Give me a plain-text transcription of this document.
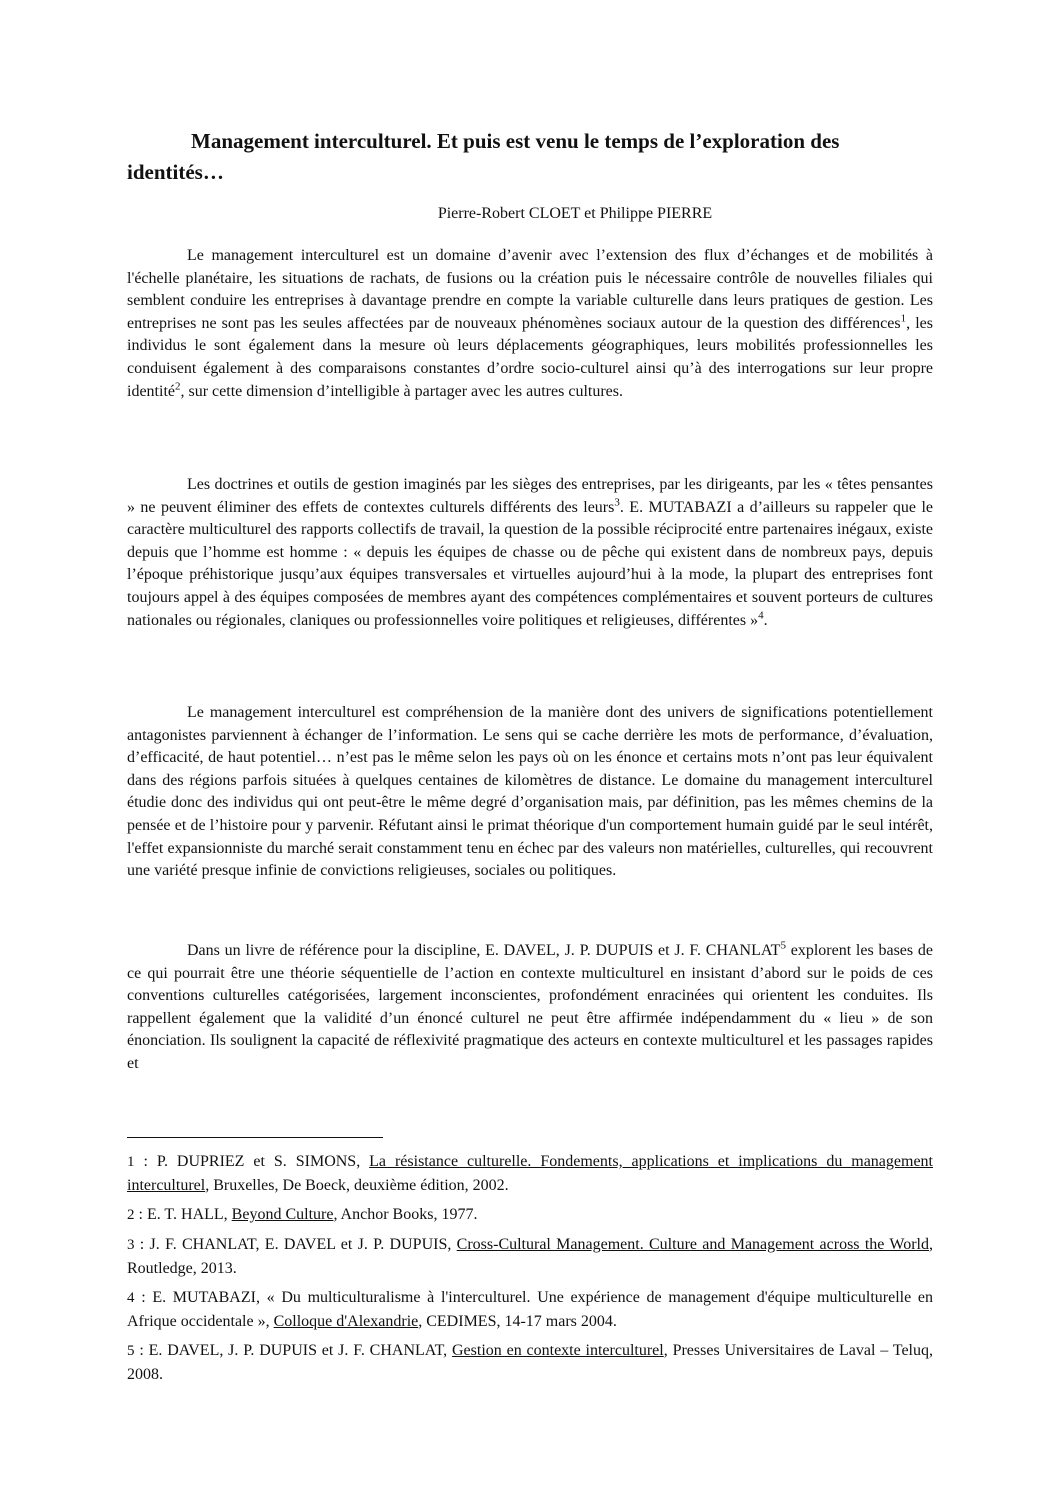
Management interculturel. Et puis est venu le temps de l’exploration des identités…
Pierre-Robert CLOET et Philippe PIERRE

Le management interculturel est un domaine d’avenir avec l’extension des flux d’échanges et de mobilités à l'échelle planétaire, les situations de rachats, de fusions ou la création puis le nécessaire contrôle de nouvelles filiales qui semblent conduire les entreprises à davantage prendre en compte la variable culturelle dans leurs pratiques de gestion. Les entreprises ne sont pas les seules affectées par de nouveaux phénomènes sociaux autour de la question des différences$^1$, les individus le sont également dans la mesure où leurs déplacements géographiques, leurs mobilités professionnelles les conduisent également à des comparaisons constantes d’ordre socio-culturel ainsi qu’à des interrogations sur leur propre identité$^2$, sur cette dimension d’intelligible à partager avec les autres cultures.

Les doctrines et outils de gestion imaginés par les sièges des entreprises, par les dirigeants, par les « têtes pensantes » ne peuvent éliminer des effets de contextes culturels différents des leurs$^3$. E. MUTABAZI a d’ailleurs su rappeler que le caractère multiculturel des rapports collectifs de travail, la question de la possible réciprocité entre partenaires inégaux, existe depuis que l’homme est homme : « depuis les équipes de chasse ou de pêche qui existent dans de nombreux pays, depuis l’époque préhistorique jusqu’aux équipes transversales et virtuelles aujourd’hui à la mode, la plupart des entreprises font toujours appel à des équipes composées de membres ayant des compétences complémentaires et souvent porteurs de cultures nationales ou régionales, claniques ou professionnelles voire politiques et religieuses, différentes »$^4$.

Le management interculturel est compréhension de la manière dont des univers de significations potentiellement antagonistes parviennent à échanger de l’information. Le sens qui se cache derrière les mots de performance, d’évaluation, d’efficacité, de haut potentiel… n’est pas le même selon les pays où on les énonce et certains mots n’ont pas leur équivalent dans des régions parfois situées à quelques centaines de kilomètres de distance. Le domaine du management interculturel étudie donc des individus qui ont peut-être le même degré d’organisation mais, par définition, pas les mêmes chemins de la pensée et de l’histoire pour y parvenir. Réfutant ainsi le primat théorique d'un comportement humain guidé par le seul intérêt, l'effet expansionniste du marché serait constamment tenu en échec par des valeurs non matérielles, culturelles, qui recouvrent une variété presque infinie de convictions religieuses, sociales ou politiques.

Dans un livre de référence pour la discipline, E. DAVEL, J. P. DUPUIS et J. F. CHANLAT$^5$ explorent les bases de ce qui pourrait être une théorie séquentielle de l’action en contexte multiculturel en insistant d’abord sur le poids de ces conventions culturelles catégorisées, largement inconscientes, profondément enracinées qui orientent les conduites. Ils rappellent également que la validité d’un énoncé culturel ne peut être affirmée indépendamment du « lieu » de son énonciation. Ils soulignent la capacité de réflexivité pragmatique des acteurs en contexte multiculturel et les passages rapides et

1 : P. DUPRIEZ et S. SIMONS, La résistance culturelle. Fondements, applications et implications du management interculturel, Bruxelles, De Boeck, deuxième édition, 2002.

2 : E. T. HALL, Beyond Culture, Anchor Books, 1977.

3 : J. F. CHANLAT, E. DAVEL et J. P. DUPUIS, Cross-Cultural Management. Culture and Management across the World, Routledge, 2013.

4 : E. MUTABAZI, « Du multiculturalisme à l'interculturel. Une expérience de management d'équipe multiculturelle en Afrique occidentale », Colloque d'Alexandrie, CEDIMES, 14-17 mars 2004.

5 : E. DAVEL, J. P. DUPUIS et J. F. CHANLAT, Gestion en contexte interculturel, Presses Universitaires de Laval – Teluq, 2008.
